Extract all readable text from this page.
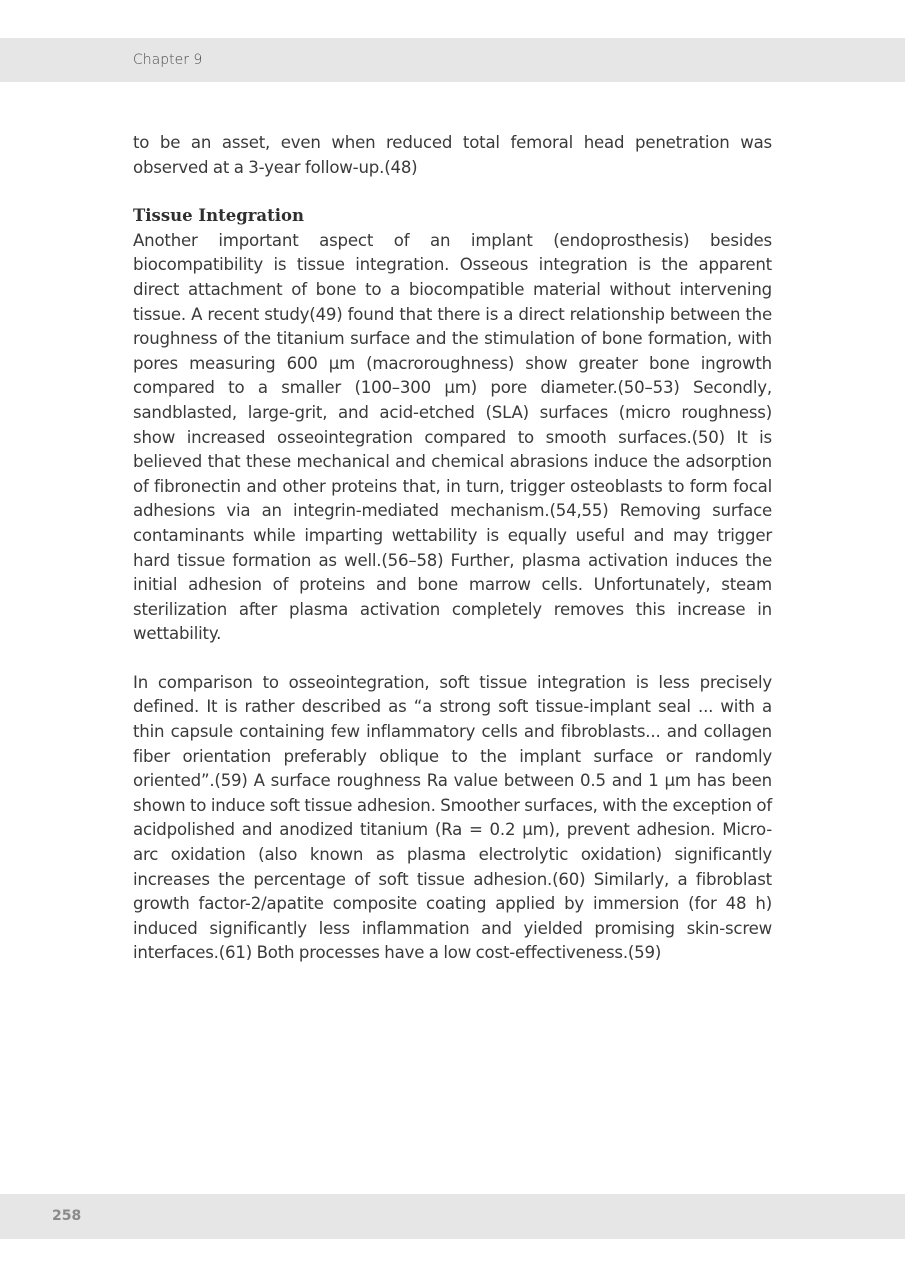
Chapter 9

to be an asset, even when reduced total femoral head penetration was observed at a 3-year follow-up.(48)

Tissue Integration

Another important aspect of an implant (endoprosthesis) besides biocompatibility is tissue integration. Osseous integration is the apparent direct attachment of bone to a biocompatible material without intervening tissue. A recent study(49) found that there is a direct relationship between the roughness of the titanium surface and the stimulation of bone formation, with pores measuring 600 µm (macroroughness) show greater bone ingrowth compared to a smaller (100–300 µm) pore diameter.(50–53) Secondly, sandblasted, large-grit, and acid-etched (SLA) surfaces (micro roughness) show increased osseointegration compared to smooth surfaces.(50) It is believed that these mechanical and chemical abrasions induce the adsorption of fibronectin and other proteins that, in turn, trigger osteoblasts to form focal adhesions via an integrin-mediated mechanism.(54,55) Removing surface contaminants while imparting wettability is equally useful and may trigger hard tissue formation as well.(56–58) Further, plasma activation induces the initial adhesion of proteins and bone marrow cells. Unfortunately, steam sterilization after plasma activation completely removes this increase in wettability.

In comparison to osseointegration, soft tissue integration is less precisely defined. It is rather described as “a strong soft tissue-implant seal ... with a thin capsule containing few inflammatory cells and fibroblasts... and collagen fiber orientation preferably oblique to the implant surface or randomly oriented”.(59) A surface roughness Ra value between 0.5 and 1 µm has been shown to induce soft tissue adhesion. Smoother surfaces, with the exception of acidpolished and anodized titanium (Ra = 0.2 µm), prevent adhesion. Micro-arc oxidation (also known as plasma electrolytic oxidation) significantly increases the percentage of soft tissue adhesion.(60) Similarly, a fibroblast growth factor-2/apatite composite coating applied by immersion (for 48 h) induced significantly less inflammation and yielded promising skin-screw interfaces.(61) Both processes have a low cost-effectiveness.(59)

258
